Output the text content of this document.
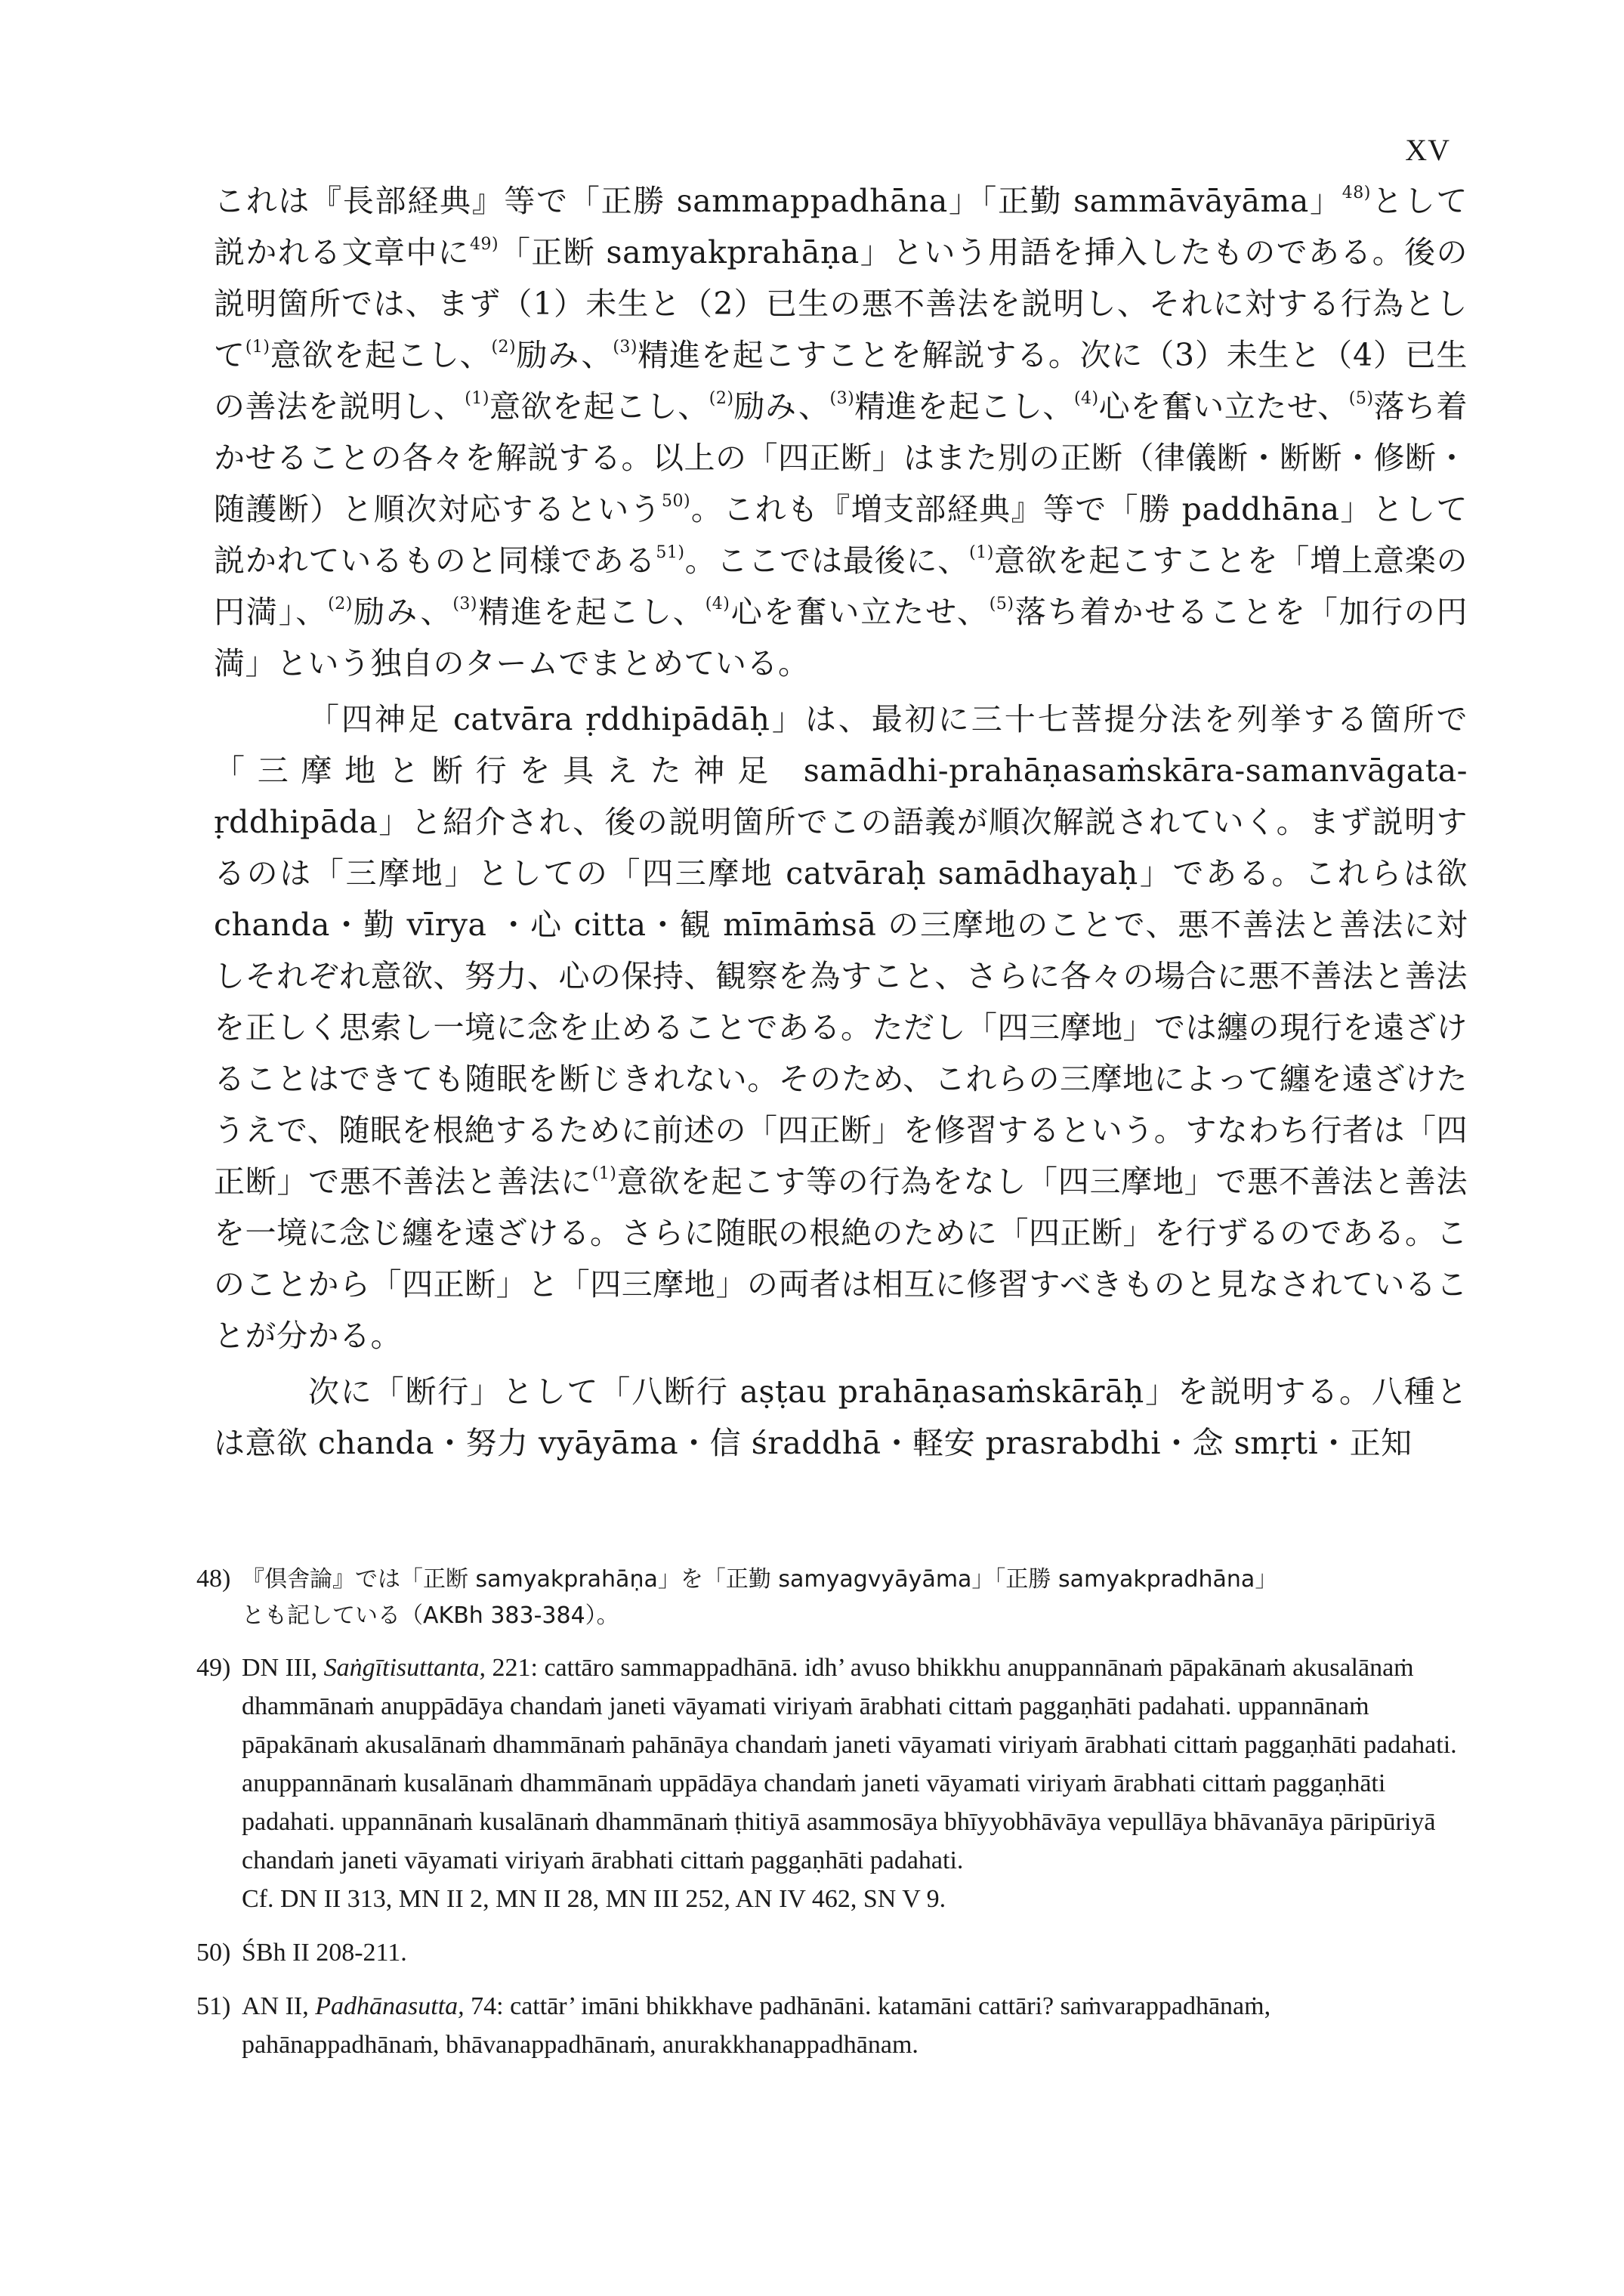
XV

これは『長部経典』等で「正勝 sammappadhāna」「正勤 sammāvāyāma」$^{48)}$として説かれる文章中に$^{49)}$「正断 samyakprahāṇa」という用語を挿入したものである。後の説明箇所では、まず（1）未生と（2）已生の悪不善法を説明し、それに対する行為として$^{(1)}$意欲を起こし、$^{(2)}$励み、$^{(3)}$精進を起こすことを解説する。次に（3）未生と（4）已生の善法を説明し、$^{(1)}$意欲を起こし、$^{(2)}$励み、$^{(3)}$精進を起こし、$^{(4)}$心を奮い立たせ、$^{(5)}$落ち着かせることの各々を解説する。以上の「四正断」はまた別の正断（律儀断・断断・修断・随護断）と順次対応するという$^{50)}$。これも『増支部経典』等で「勝 paddhāna」として説かれているものと同様である$^{51)}$。ここでは最後に、$^{(1)}$意欲を起こすことを「増上意楽の円満」、$^{(2)}$励み、$^{(3)}$精進を起こし、$^{(4)}$心を奮い立たせ、$^{(5)}$落ち着かせることを「加行の円満」という独自のタームでまとめている。

「四神足 catvāra ṛddhipādāḥ」は、最初に三十七菩提分法を列挙する箇所で「三摩地と断行を具えた神足 samādhi-prahāṇasaṁskāra-samanvāgata-ṛddhipāda」と紹介され、後の説明箇所でこの語義が順次解説されていく。まず説明するのは「三摩地」としての「四三摩地 catvāraḥ samādhayaḥ」である。これらは欲 chanda・勤 vīrya ・心 citta・観 mīmāṁsā の三摩地のことで、悪不善法と善法に対しそれぞれ意欲、努力、心の保持、観察を為すこと、さらに各々の場合に悪不善法と善法を正しく思索し一境に念を止めることである。ただし「四三摩地」では纏の現行を遠ざけることはできても随眠を断じきれない。そのため、これらの三摩地によって纏を遠ざけたうえで、随眠を根絶するために前述の「四正断」を修習するという。すなわち行者は「四正断」で悪不善法と善法に$^{(1)}$意欲を起こす等の行為をなし「四三摩地」で悪不善法と善法を一境に念じ纏を遠ざける。さらに随眠の根絶のために「四正断」を行ずるのである。このことから「四正断」と「四三摩地」の両者は相互に修習すべきものと見なされていることが分かる。

次に「断行」として「八断行 aṣṭau prahāṇasaṁskārāḥ」を説明する。八種とは意欲 chanda・努力 vyāyāma・信 śraddhā・軽安 prasrabdhi・念 smṛti・正知

48) 『倶舎論』では「正断 samyakprahāṇa」を「正勤 samyagvyāyāma」「正勝 samyakpradhāna」
とも記している（AKBh 383-384）。
49) DN III, Saṅgītisuttanta, 221: cattāro sammappadhānā. idh’ avuso bhikkhu anuppannānaṁ pāpakānaṁ akusalānaṁ dhammānaṁ anuppādāya chandaṁ janeti vāyamati viriyaṁ ārabhati cittaṁ paggaṇhāti padahati. uppannānaṁ pāpakānaṁ akusalānaṁ dhammānaṁ pahānāya chandaṁ janeti vāyamati viriyaṁ ārabhati cittaṁ paggaṇhāti padahati. anuppannānaṁ kusalānaṁ dhammānaṁ uppādāya chandaṁ janeti vāyamati viriyaṁ ārabhati cittaṁ paggaṇhāti padahati. uppannānaṁ kusalānaṁ dhammānaṁ ṭhitiyā asammosāya bhīyyobhāvāya vepullāya bhāvanāya pāripūriyā chandaṁ janeti vāyamati viriyaṁ ārabhati cittaṁ paggaṇhāti padahati.
Cf. DN II 313, MN II 2, MN II 28, MN III 252, AN IV 462, SN V 9.
50) ŚBh II 208-211.
51) AN II, Padhānasutta, 74: cattār’ imāni bhikkhave padhānāni. katamāni cattāri? saṁvarappadhānaṁ, pahānappadhānaṁ, bhāvanappadhānaṁ, anurakkhanappadhānam.
